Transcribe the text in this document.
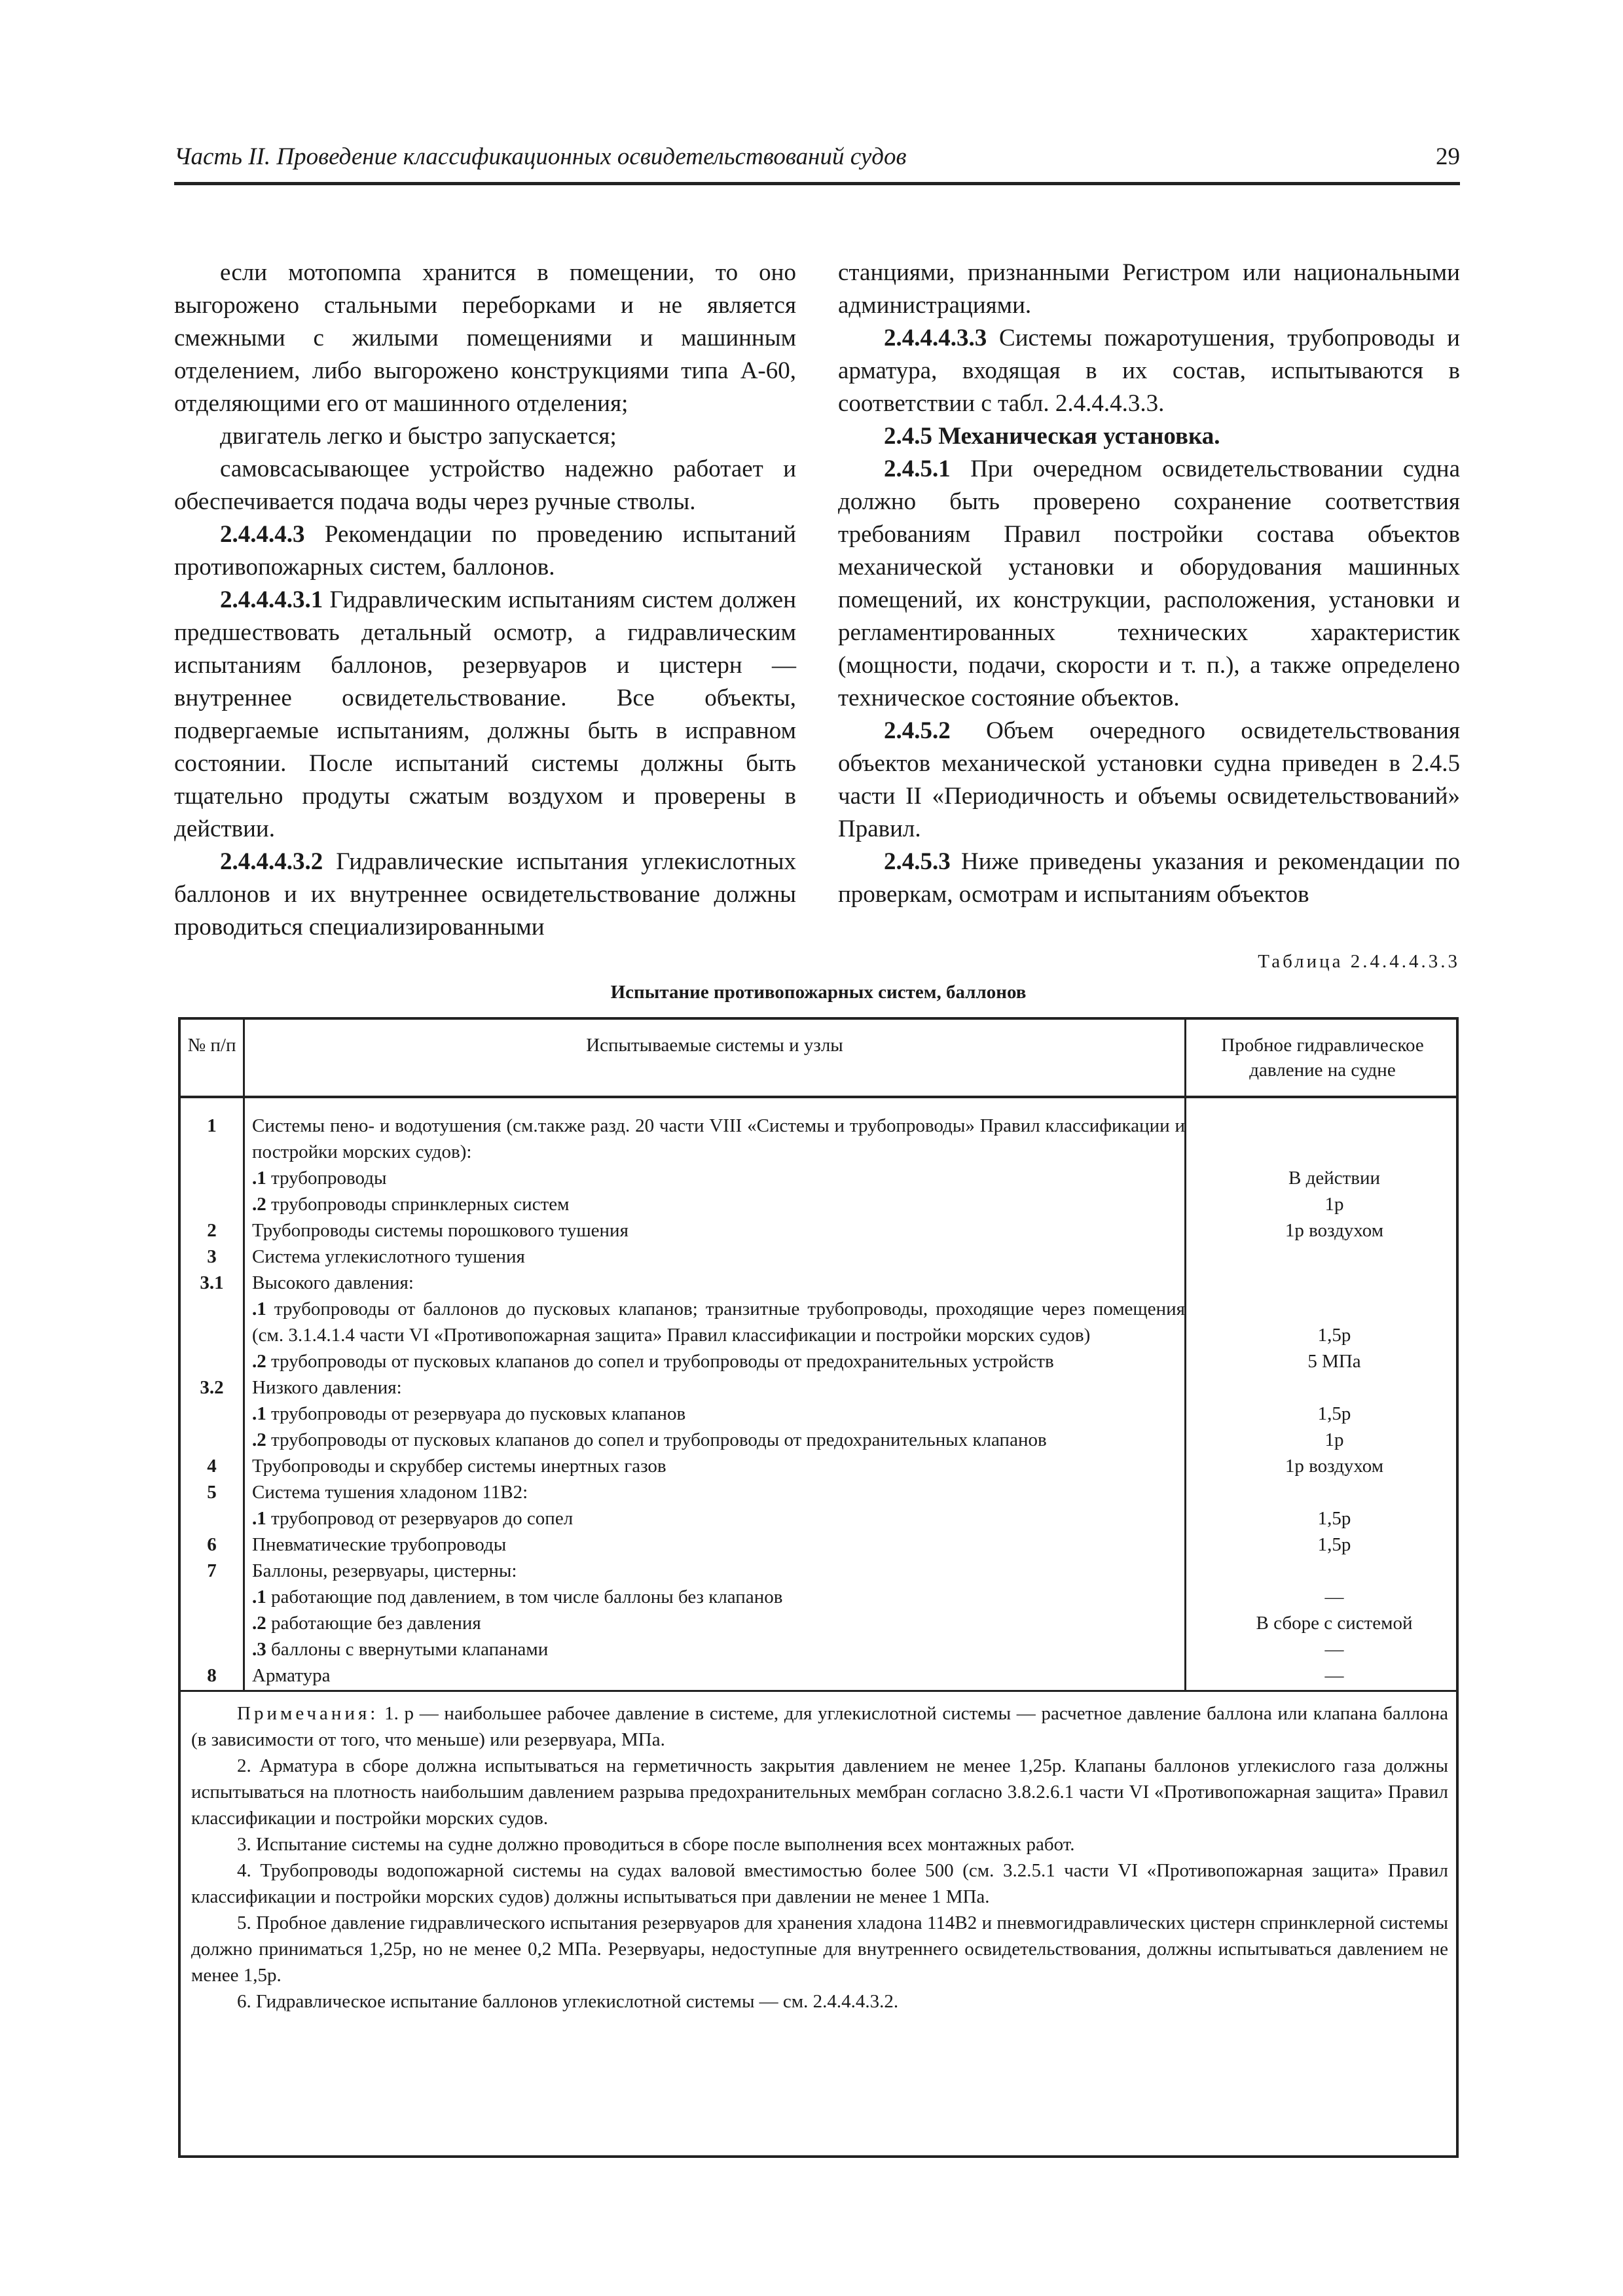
Часть II. Проведение классификационных освидетельствований судов	29

если мотопомпа хранится в помещении, то оно выгорожено стальными переборками и не является смежными с жилыми помещениями и машинным отделением, либо выгорожено конструкциями типа А-60, отделяющими его от машинного отделения;

двигатель легко и быстро запускается;

самовсасывающее устройство надежно работает и обеспечивается подача воды через ручные стволы.

2.4.4.4.3 Рекомендации по проведению испытаний противопожарных систем, баллонов.

2.4.4.4.3.1 Гидравлическим испытаниям систем должен предшествовать детальный осмотр, а гидравлическим испытаниям баллонов, резервуаров и цистерн — внутреннее освидетельствование. Все объекты, подвергаемые испытаниям, должны быть в исправном состоянии. После испытаний системы должны быть тщательно продуты сжатым воздухом и проверены в действии.

2.4.4.4.3.2 Гидравлические испытания углекислотных баллонов и их внутреннее освидетельствование должны проводиться специализированными

станциями, признанными Регистром или национальными администрациями.

2.4.4.4.3.3 Системы пожаротушения, трубопроводы и арматура, входящая в их состав, испытываются в соответствии с табл. 2.4.4.4.3.3.

2.4.5 Механическая установка.

2.4.5.1 При очередном освидетельствовании судна должно быть проверено сохранение соответствия требованиям Правил постройки состава объектов механической установки и оборудования машинных помещений, их конструкции, расположения, установки и регламентированных технических характеристик (мощности, подачи, скорости и т. п.), а также определено техническое состояние объектов.

2.4.5.2 Объем очередного освидетельствования объектов механической установки судна приведен в 2.4.5 части II «Периодичность и объемы освидетельствований» Правил.

2.4.5.3 Ниже приведены указания и рекомендации по проверкам, осмотрам и испытаниям объектов

Таблица 2.4.4.4.3.3
Испытание противопожарных систем, баллонов
№ п/п	Испытываемые системы и узлы	Пробное гидравлическое давление на судне
1	Системы пено- и водотушения (см.также разд. 20 части VIII «Системы и трубопроводы» Правил классификации и постройки морских судов):
.1 трубопроводы	В действии
.2 трубопроводы спринклерных систем	1р
2	Трубопроводы системы порошкового тушения	1р воздухом
3	Система углекислотного тушения
3.1	Высокого давления:
.1 трубопроводы от баллонов до пусковых клапанов; транзитные трубопроводы, проходящие через помещения (см. 3.1.4.1.4 части VI «Противопожарная защита» Правил классификации и постройки морских судов)	1,5р
.2 трубопроводы от пусковых клапанов до сопел и трубопроводы от предохранительных устройств	5 МПа
3.2	Низкого давления:
.1 трубопроводы от резервуара до пусковых клапанов	1,5р
.2 трубопроводы от пусковых клапанов до сопел и трубопроводы от предохранительных клапанов	1р
4	Трубопроводы и скруббер системы инертных газов	1р воздухом
5	Система тушения хладоном 11В2:
.1 трубопровод от резервуаров до сопел	1,5р
6	Пневматические трубопроводы	1,5р
7	Баллоны, резервуары, цистерны:
.1 работающие под давлением, в том числе баллоны без клапанов	—
.2 работающие без давления	В сборе с системой
.3 баллоны с ввернутыми клапанами	—
8	Арматура	—

Примечания: 1. р — наибольшее рабочее давление в системе, для углекислотной системы — расчетное давление баллона или клапана баллона (в зависимости от того, что меньше) или резервуара, МПа.

2. Арматура в сборе должна испытываться на герметичность закрытия давлением не менее 1,25р. Клапаны баллонов углекислого газа должны испытываться на плотность наибольшим давлением разрыва предохранительных мембран согласно 3.8.2.6.1 части VI «Противопожарная защита» Правил классификации и постройки морских судов.

3. Испытание системы на судне должно проводиться в сборе после выполнения всех монтажных работ.

4. Трубопроводы водопожарной системы на судах валовой вместимостью более 500 (см. 3.2.5.1 части VI «Противопожарная защита» Правил классификации и постройки морских судов) должны испытываться при давлении не менее 1 МПа.

5. Пробное давление гидравлического испытания резервуаров для хранения хладона 114В2 и пневмогидравлических цистерн спринклерной системы должно приниматься 1,25р, но не менее 0,2 МПа. Резервуары, недоступные для внутреннего освидетельствования, должны испытываться давлением не менее 1,5р.

6. Гидравлическое испытание баллонов углекислотной системы — см. 2.4.4.4.3.2.
